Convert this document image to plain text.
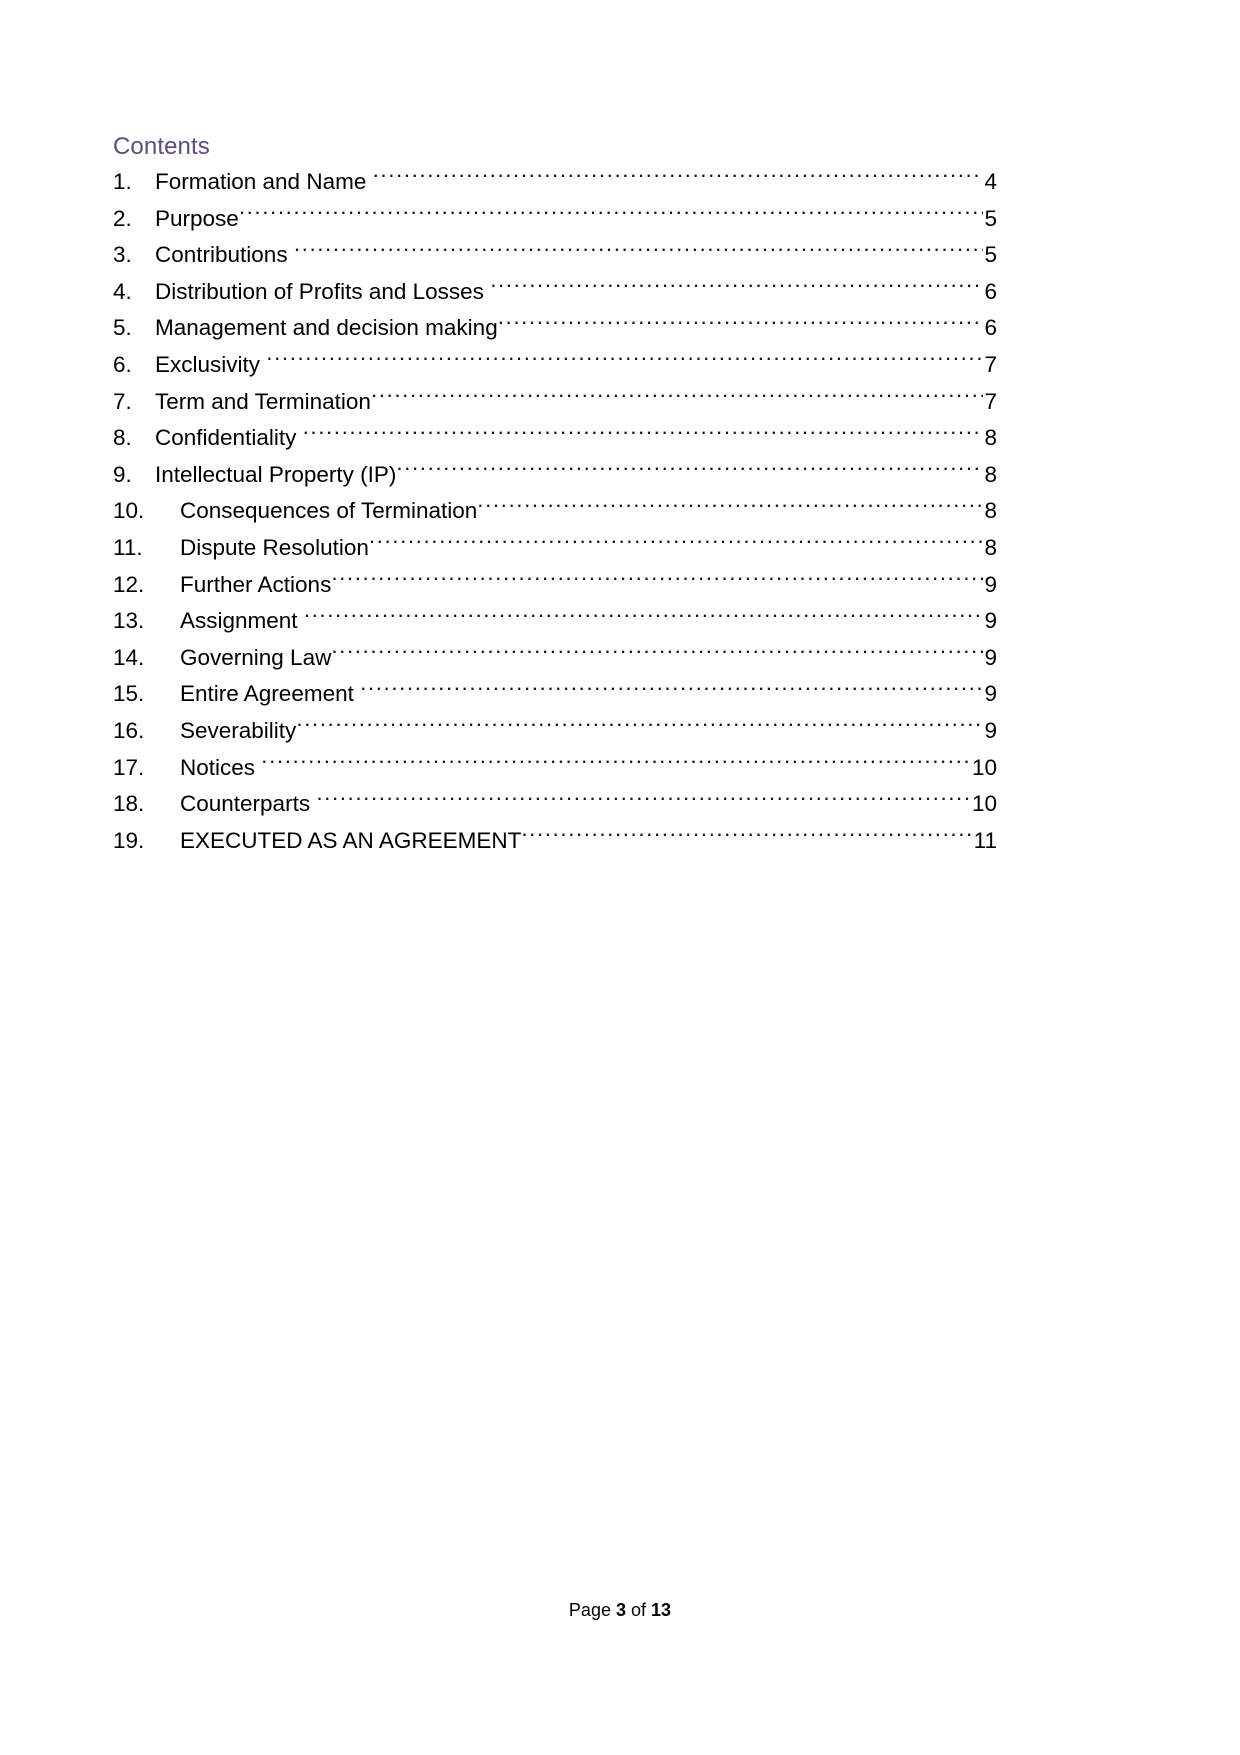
Contents
1.	Formation and Name .....	4
2.	Purpose .....	5
3.	Contributions .....	5
4.	Distribution of Profits and Losses .....	6
5.	Management and decision making .....	6
6.	Exclusivity .....	7
7.	Term and Termination .....	7
8.	Confidentiality .....	8
9.	Intellectual Property (IP) .....	8
10.	Consequences of Termination .....	8
11.	Dispute Resolution .....	8
12.	Further Actions .....	9
13.	Assignment .....	9
14.	Governing Law .....	9
15.	Entire Agreement .....	9
16.	Severability .....	9
17.	Notices .....	10
18.	Counterparts .....	10
19.	EXECUTED AS AN AGREEMENT .....	11
Page 3 of 13
